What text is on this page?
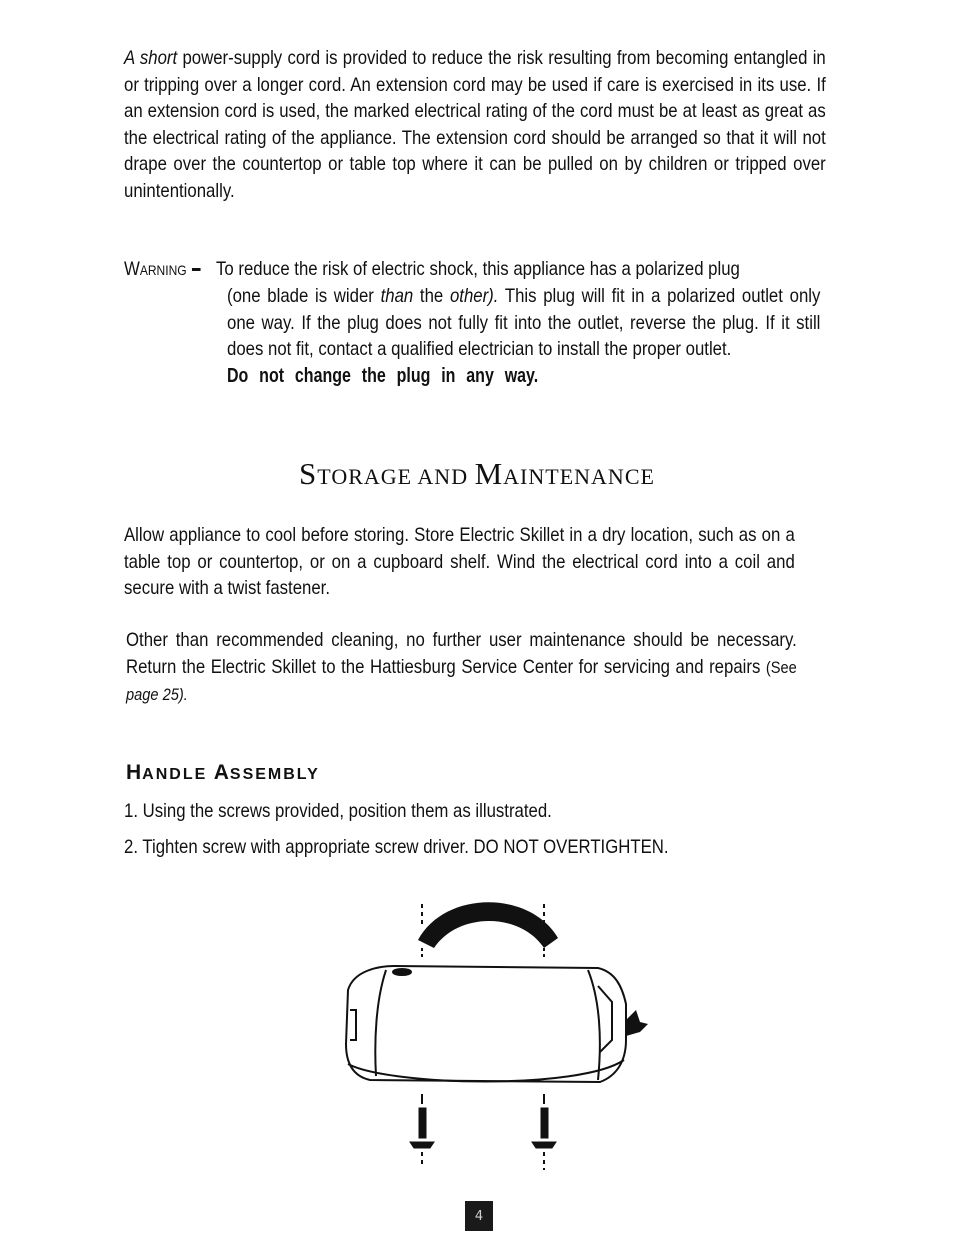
A short power-supply cord is provided to reduce the risk resulting from becoming entangled in or tripping over a longer cord. An extension cord may be used if care is exercised in its use. If an extension cord is used, the marked electrical rating of the cord must be at least as great as the electrical rating of the appliance. The extension cord should be arranged so that it will not drape over the countertop or table top where it can be pulled on by children or tripped over unintentionally.
WARNING	To reduce the risk of electric shock, this appliance has a polarized plug
(one blade is wider than the other). This plug will fit in a polarized outlet only one way. If the plug does not fully fit into the outlet, reverse the plug. If it still does not fit, contact a qualified electrician to install the proper outlet.
Do not change the plug in any way.
STORAGE AND MAINTENANCE
Allow appliance to cool before storing. Store Electric Skillet in a dry location, such as on a table top or countertop, or on a cupboard shelf. Wind the electrical cord into a coil and secure with a twist fastener.
Other than recommended cleaning, no further user maintenance should be necessary. Return the Electric Skillet to the Hattiesburg Service Center for servicing and repairs (See page 25).
HANDLE ASSEMBLY
1. Using the screws provided, position them as illustrated.
2. Tighten screw with appropriate screw driver. DO NOT OVERTIGHTEN.
4
